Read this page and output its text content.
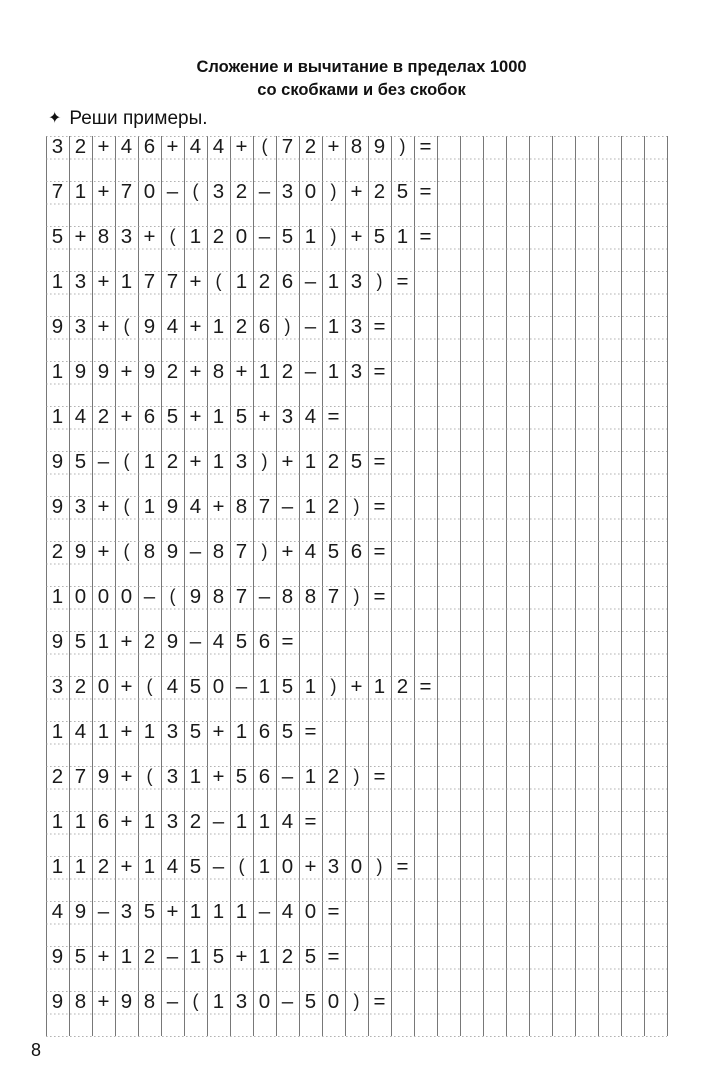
Сложение и вычитание в пределах 1000
со скобками и без скобок
✦ Реши примеры.
3 2 + 4 6 + 4 4 + ( 7 2 + 8 9 ) =
7 1 + 7 0 – ( 3 2 – 3 0 ) + 2 5 =
5 + 8 3 + ( 1 2 0 – 5 1 ) + 5 1 =
1 3 + 1 7 7 + ( 1 2 6 – 1 3 ) =
9 3 + ( 9 4 + 1 2 6 ) – 1 3 =
1 9 9 + 9 2 + 8 + 1 2 – 1 3 =
1 4 2 + 6 5 + 1 5 + 3 4 =
9 5 – ( 1 2 + 1 3 ) + 1 2 5 =
9 3 + ( 1 9 4 + 8 7 – 1 2 ) =
2 9 + ( 8 9 – 8 7 ) + 4 5 6 =
1 0 0 0 – ( 9 8 7 – 8 8 7 ) =
9 5 1 + 2 9 – 4 5 6 =
3 2 0 + ( 4 5 0 – 1 5 1 ) + 1 2 =
1 4 1 + 1 3 5 + 1 6 5 =
2 7 9 + ( 3 1 + 5 6 – 1 2 ) =
1 1 6 + 1 3 2 – 1 1 4 =
1 1 2 + 1 4 5 – ( 1 0 + 3 0 ) =
4 9 – 3 5 + 1 1 1 – 4 0 =
9 5 + 1 2 – 1 5 + 1 2 5 =
9 8 + 9 8 – ( 1 3 0 – 5 0 ) =
8
